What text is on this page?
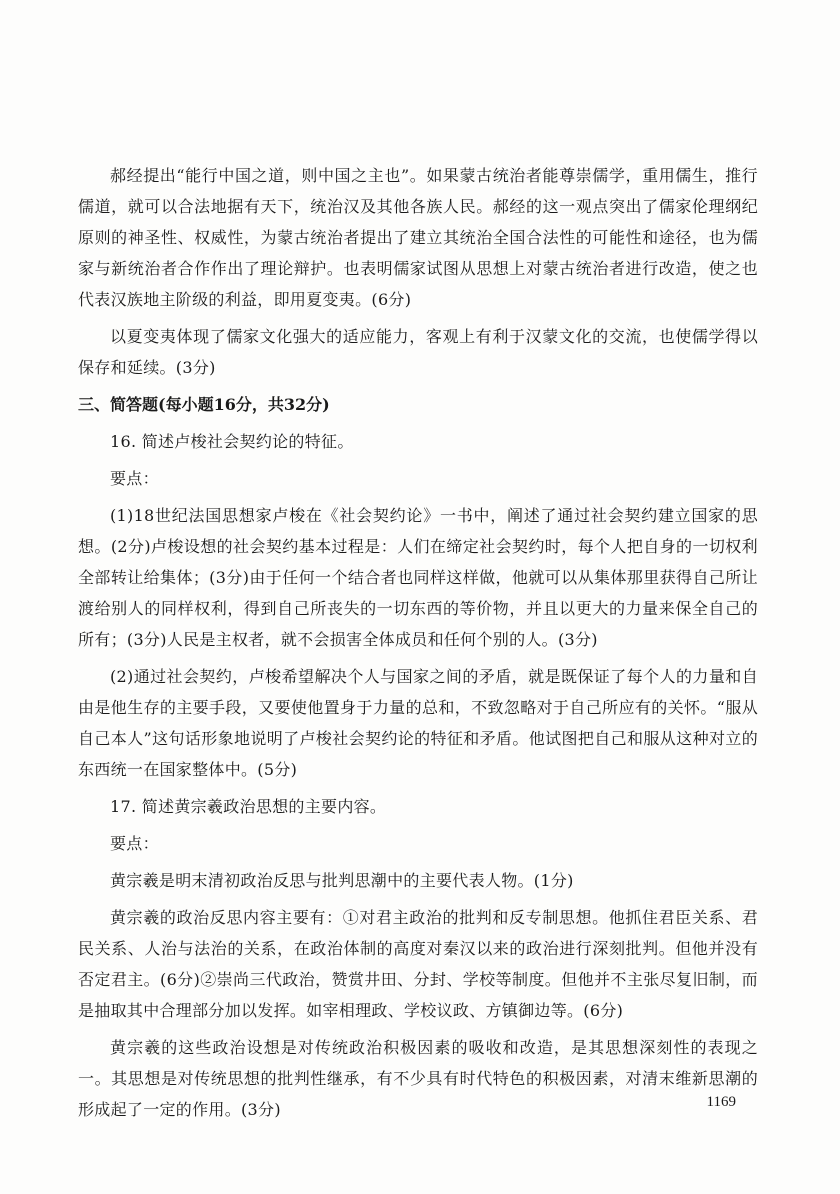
郝经提出“能行中国之道，则中国之主也”。如果蒙古统治者能尊崇儒学，重用儒生，推行儒道，就可以合法地据有天下，统治汉及其他各族人民。郝经的这一观点突出了儒家伦理纲纪原则的神圣性、权威性，为蒙古统治者提出了建立其统治全国合法性的可能性和途径，也为儒家与新统治者合作作出了理论辩护。也表明儒家试图从思想上对蒙古统治者进行改造，使之也代表汉族地主阶级的利益，即用夏变夷。(6分)

以夏变夷体现了儒家文化强大的适应能力，客观上有利于汉蒙文化的交流，也使儒学得以保存和延续。(3分)

三、简答题(每小题16分，共32分)

16. 简述卢梭社会契约论的特征。

要点：

(1)18世纪法国思想家卢梭在《社会契约论》一书中，阐述了通过社会契约建立国家的思想。(2分)卢梭设想的社会契约基本过程是：人们在缔定社会契约时，每个人把自身的一切权利全部转让给集体；(3分)由于任何一个结合者也同样这样做，他就可以从集体那里获得自己所让渡给别人的同样权利，得到自己所丧失的一切东西的等价物，并且以更大的力量来保全自己的所有；(3分)人民是主权者，就不会损害全体成员和任何个别的人。(3分)

(2)通过社会契约，卢梭希望解决个人与国家之间的矛盾，就是既保证了每个人的力量和自由是他生存的主要手段，又要使他置身于力量的总和，不致忽略对于自己所应有的关怀。“服从自己本人”这句话形象地说明了卢梭社会契约论的特征和矛盾。他试图把自己和服从这种对立的东西统一在国家整体中。(5分)

17. 简述黄宗羲政治思想的主要内容。

要点：

黄宗羲是明末清初政治反思与批判思潮中的主要代表人物。(1分)

黄宗羲的政治反思内容主要有：①对君主政治的批判和反专制思想。他抓住君臣关系、君民关系、人治与法治的关系，在政治体制的高度对秦汉以来的政治进行深刻批判。但他并没有否定君主。(6分)②崇尚三代政治，赞赏井田、分封、学校等制度。但他并不主张尽复旧制，而是抽取其中合理部分加以发挥。如宰相理政、学校议政、方镇御边等。(6分)

黄宗羲的这些政治设想是对传统政治积极因素的吸收和改造，是其思想深刻性的表现之一。其思想是对传统思想的批判性继承，有不少具有时代特色的积极因素，对清末维新思潮的形成起了一定的作用。(3分)	1169
